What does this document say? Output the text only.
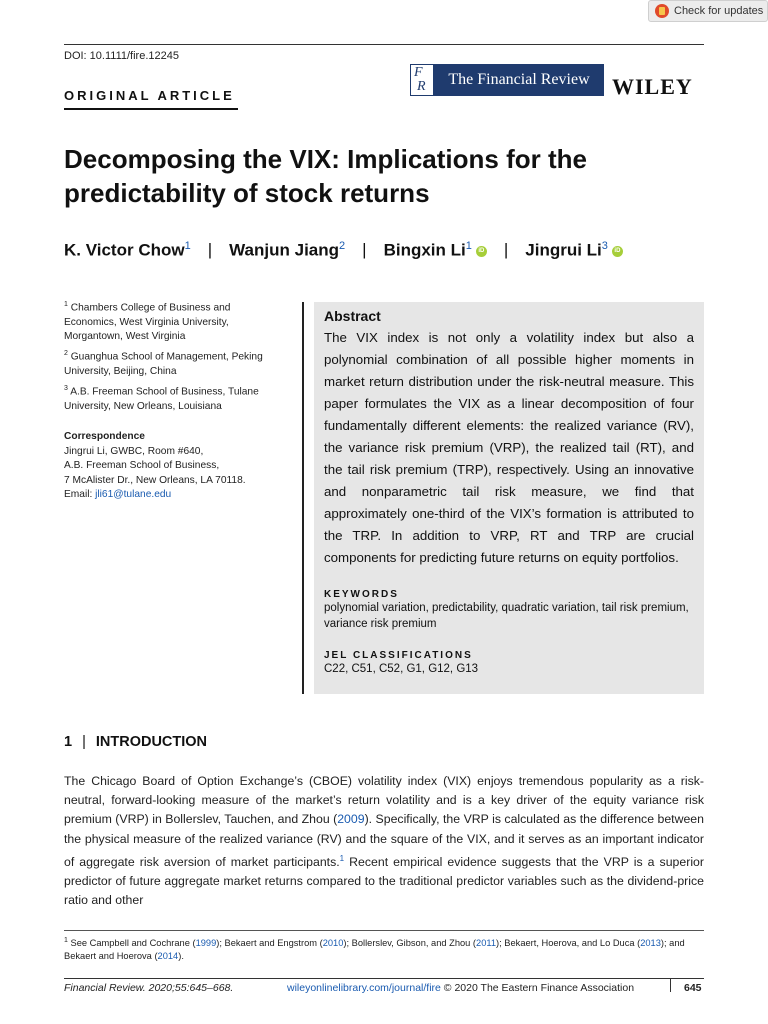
Check for updates
DOI: 10.1111/fire.12245
ORIGINAL ARTICLE
F
R	The Financial Review	WILEY
Decomposing the VIX: Implications for the predictability of stock returns
K. Victor Chow$^1$ | Wanjun Jiang$^2$ | Bingxin Li$^1$ iD | Jingrui Li$^3$ iD
$^1$ Chambers College of Business and Economics, West Virginia University, Morgantown, West Virginia
$^2$ Guanghua School of Management, Peking University, Beijing, China
$^3$ A.B. Freeman School of Business, Tulane University, New Orleans, Louisiana
Correspondence
Jingrui Li, GWBC, Room #640,
A.B. Freeman School of Business,
7 McAlister Dr., New Orleans, LA 70118.
Email: jli61@tulane.edu
Abstract
The VIX index is not only a volatility index but also a polynomial combination of all possible higher moments in market return distribution under the risk-neutral measure. This paper formulates the VIX as a linear decomposition of four fundamentally different elements: the realized variance (RV), the variance risk premium (VRP), the realized tail (RT), and the tail risk premium (TRP), respectively. Using an innovative and nonparametric tail risk measure, we find that approximately one-third of the VIX’s formation is attributed to the TRP. In addition to VRP, RT and TRP are crucial components for predicting future returns on equity portfolios.
KEYWORDS
polynomial variation, predictability, quadratic variation, tail risk premium, variance risk premium
JEL CLASSIFICATIONS
C22, C51, C52, G1, G12, G13
1 | INTRODUCTION
The Chicago Board of Option Exchange’s (CBOE) volatility index (VIX) enjoys tremendous popularity as a risk-neutral, forward-looking measure of the market’s return volatility and is a key driver of the equity variance risk premium (VRP) in Bollerslev, Tauchen, and Zhou (2009). Specifically, the VRP is calculated as the difference between the physical measure of the realized variance (RV) and the square of the VIX, and it serves as an important indicator of aggregate risk aversion of market participants.$^1$ Recent empirical evidence suggests that the VRP is a superior predictor of future aggregate market returns compared to the traditional predictor variables such as the dividend-price ratio and other
$^1$ See Campbell and Cochrane (1999); Bekaert and Engstrom (2010); Bollerslev, Gibson, and Zhou (2011); Bekaert, Hoerova, and Lo Duca (2013); and Bekaert and Hoerova (2014).
Financial Review. 2020;55:645–668.	wileyonlinelibrary.com/journal/fire © 2020 The Eastern Finance Association	645
